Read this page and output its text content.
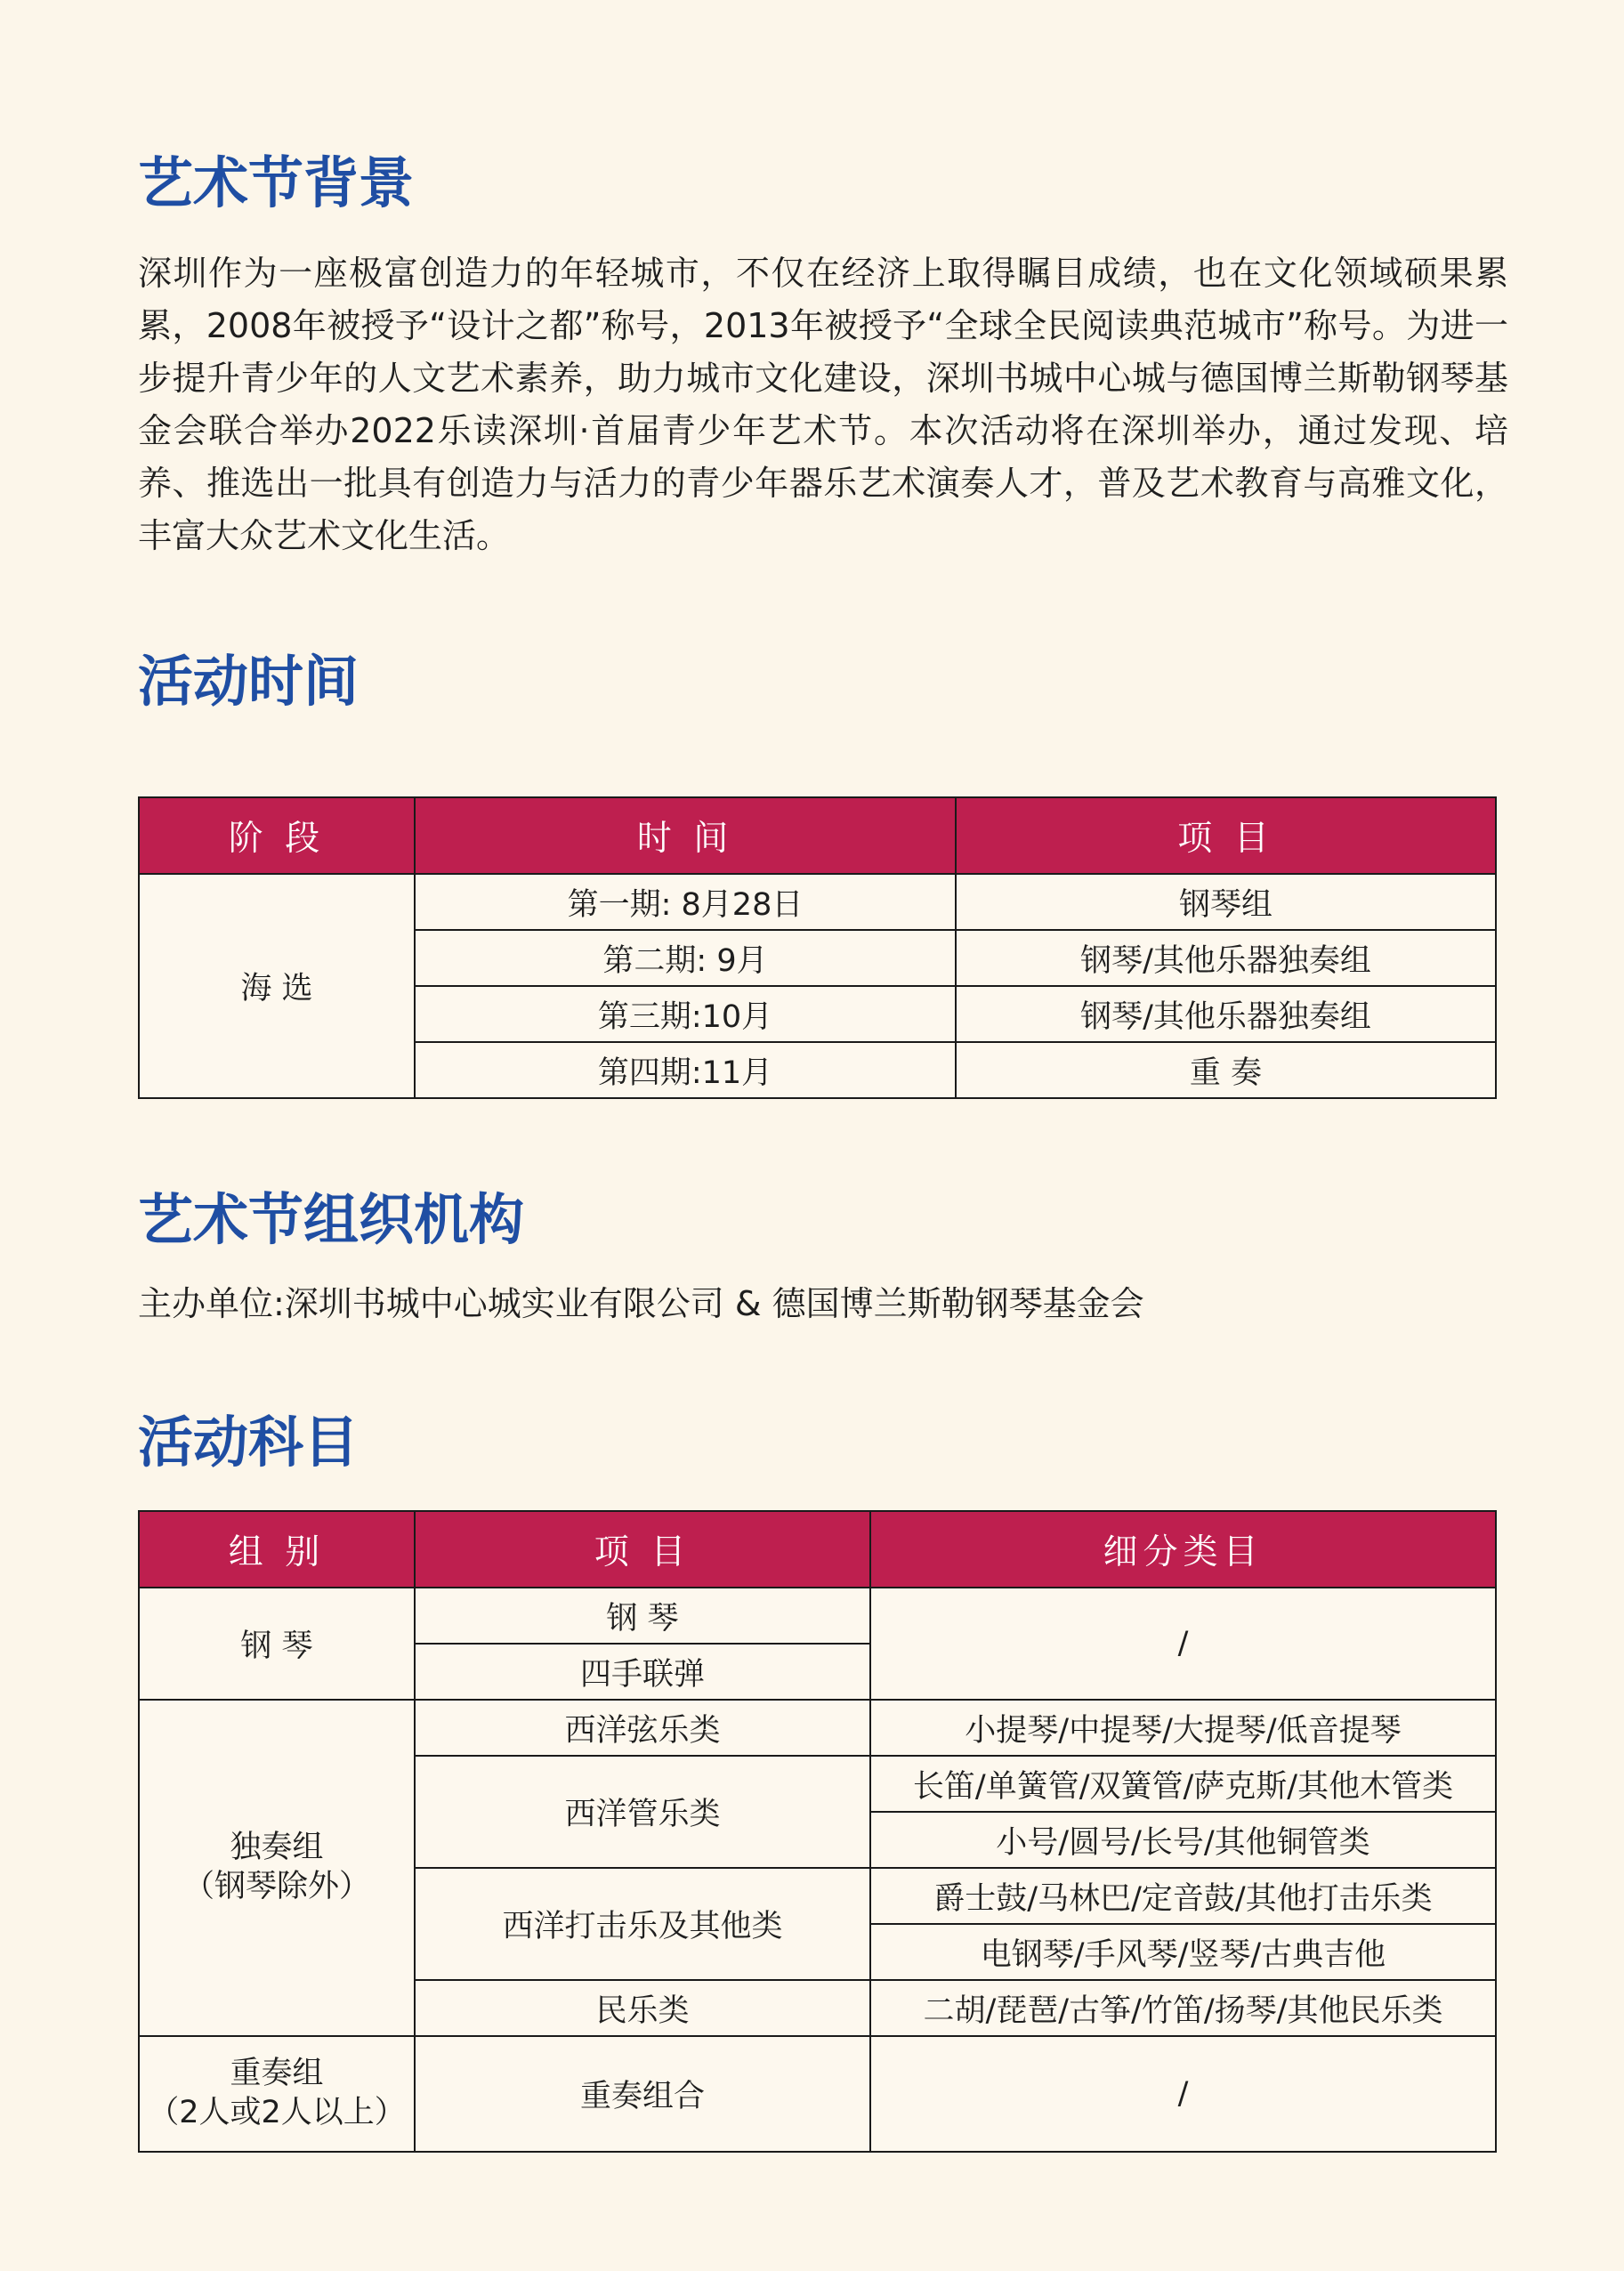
艺术节背景

深圳作为一座极富创造力的年轻城市，不仅在经济上取得瞩目成绩，也在文化领域硕果累累，2008年被授予“设计之都”称号，2013年被授予“全球全民阅读典范城市”称号。为进一步提升青少年的人文艺术素养，助力城市文化建设，深圳书城中心城与德国博兰斯勒钢琴基金会联合举办2022乐读深圳·首届青少年艺术节。本次活动将在深圳举办，通过发现、培养、推选出一批具有创造力与活力的青少年器乐艺术演奏人才，普及艺术教育与高雅文化，丰富大众艺术文化生活。

活动时间
阶 段	时 间	项 目
海 选	第一期: 8月28日	钢琴组
	第二期: 9月	钢琴/其他乐器独奏组
	第三期:10月	钢琴/其他乐器独奏组
	第四期:11月	重 奏
艺术节组织机构

主办单位:深圳书城中心城实业有限公司 & 德国博兰斯勒钢琴基金会

活动科目
组 别	项 目	细分类目
钢 琴	钢 琴	/
	四手联弹	

独奏组
（钢琴除外）	西洋弦乐类	小提琴/中提琴/大提琴/低音提琴
	西洋管乐类	长笛/单簧管/双簧管/萨克斯/其他木管类
		小号/圆号/长号/其他铜管类
	西洋打击乐及其他类	爵士鼓/马林巴/定音鼓/其他打击乐类
		电钢琴/手风琴/竖琴/古典吉他
	民乐类	二胡/琵琶/古筝/竹笛/扬琴/其他民乐类

重奏组
（2人或2人以上）	重奏组合	/
